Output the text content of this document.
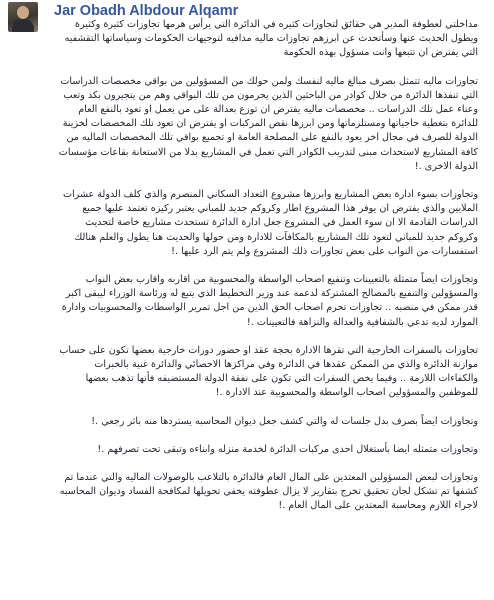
Jar Obadh Albdour Alqamr

مداخلتي لعطوفة المدير هي حقائق لتجاوزات كثيره في الدائرة التي يرأس هرمها تجاوزات كثيرة وكثيرة ويطول الحديث عنها وسأتحدث عن ابرزهم تجاوزات ماليه مدافيه لتوجيهات الحكومات وسياساتها التقشفيه التي يفترض ان تتبعها وانت مسؤول بهذه الحكومة

تجاوزات ماليه تتمثل بصرف مبالغ ماليه لنفسك ولمن حولك من المسؤولين من بواقي مخصصات الدراسات التي تنفذها الدائرة من خلال كوادر من الباحثين الذين يحرمون من تلك البواقي وهم من يتجيرون بكد وتعب وعناء عمل تلك الدراسات .. مخصصات ماليه يفترض ان توزع بعدالة على من يعمل او تعود بالنفع العام للدائرة بتغطية حاجياتها ومستلزماتها ومن ابرزها نقص المركبات او يفترض ان تعود تلك المخصصات لخزينة الدولة للصرف في مجال اخر يعود بالنفع على المصلحة العامة او تجميع بواقي تلك المخصصات الماليه من كافة المشاريع لاستحداث مبنى لتدريب الكوادر التي تعمل في المشاريع بدلا من الاستعانة بقاعات مؤسسات الدولة الاخرى .!

وتجاوزات بسوء ادارة بعض المشاريع وابرزها مشروع التعداد السكاني المنصرم والذي كلف الدولة عشرات الملايين والذي يفترض ان يوفر هذا المشروع اطار وكروكم جديد للمباني يعتبر ركيزه تعتمد عليها جميع الدراسات القادمة الا ان سوء العمل في المشروع جعل ادارة الدائرة تستحدث مشاريع خاصة لتحديث وكروكم جديد للمباني لتعود تلك المشاريع بالمكافآت للادارة ومن حولها والحديث هنا يطول والعلم هنالك استفسارات من النواب على بعض تجاوزات ذلك المشروع ولم يتم الرد عليها .!

وتجاوزات ايضاً متمثلة بالتعيينات وتنفيع اصحاب الواسطة والمحسوبية من اقاربه واقارب بعض النواب والمسؤولين والتنفيع بالمصالح المشتركة لدعمه عند وزير التخطيط الذي يتبع له ورئاسة الوزراء ليبقى اكبر قدر ممكن في منصبه .. تجاوزات تحرم اصحاب الحق الذين من اجل تمرير الواسطات والمحسوبيات وادارة الموارد لديه تدعي بالشفافية والعدالة والنزاهة فالتعيينات .!

تجاوزات بالسفرات الخارجية التي تقرها الادارة بحجة عقد او حضور دورات خارجية بعضها تكون على حساب موازنة الدائرة والذي من الممكن عقدها في الدائرة وفي مراكزها الاحصائي والدائرة غنية بالخبرات والكفاءات اللازمة .. وفيما يخص السفرات التي تكون على نفقة الدولة المستضيفه فأنها تذهب بعضها للموظفين والمسؤولين اصحاب الواسطة والمحسوبية عند الادارة .!

وتجاوزات ايضاً بصرف بدل جلسات له والتي كشف جعل ديوان المحاسبه يستردها منه باثر رجعي .!

وتجاوزات متمثله ايضا بأستغلال احدى مركبات الدائرة لخدمة منزله وابناءه وتبقى تحت تصرفهم .!

وتجاوزات لبعض المسؤولين المعتدين على المال العام فالدائرة بالتلاعب بالوصولات الماليه والتي عندما تم كشفها تم تشكل لجان تحقيق تخرج بتقارير لا يزال عطوفته يخفي تحويلها لمكافحة الفساد وديوان المحاسبه لاجراء اللازم ومحاسبة المعتدين على المال العام .!
